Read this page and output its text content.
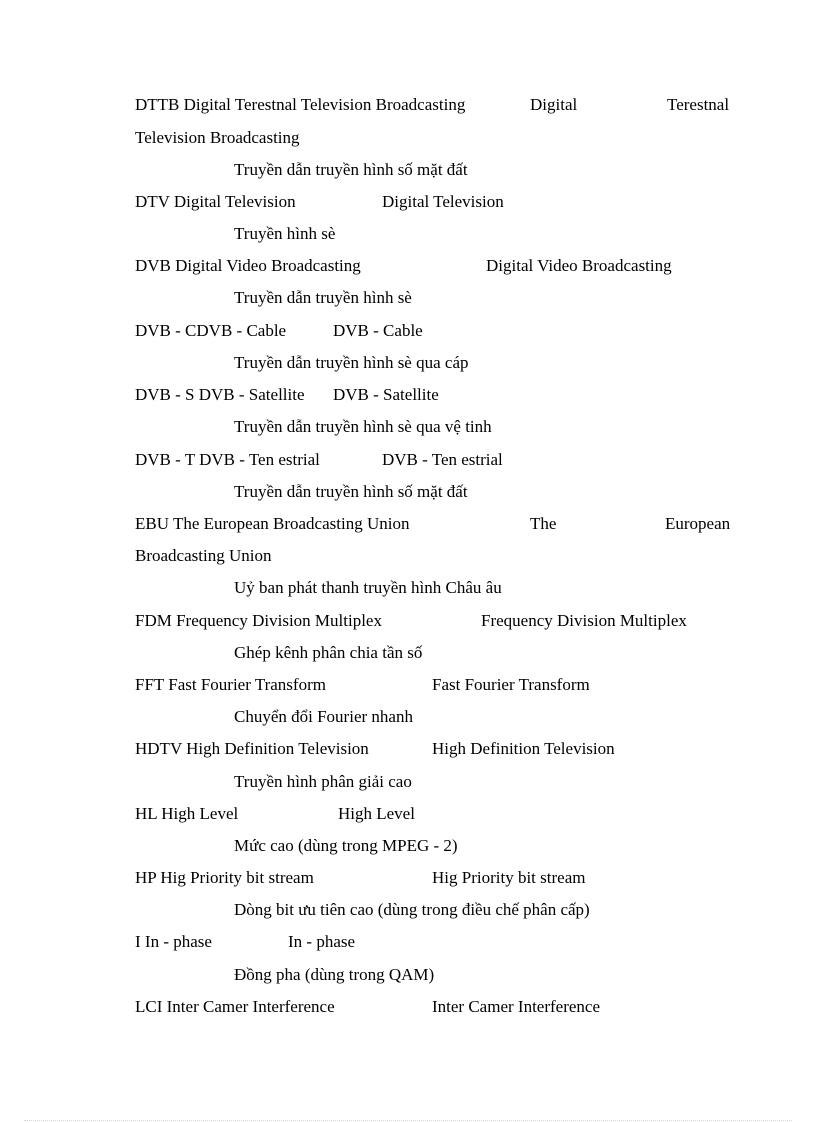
DTTB Digital Terestnal Television Broadcasting	Digital	Terestnal
Television Broadcasting
Truyền dẫn truyền hình số mặt đất
DTV Digital Television	Digital Television
Truyền hình sè
DVB Digital Video Broadcasting	Digital Video Broadcasting
Truyền dẫn truyền hình sè
DVB - CDVB - Cable	DVB - Cable
Truyền dẫn truyền hình sè qua cáp
DVB - S DVB - Satellite DVB - Satellite
Truyền dẫn truyền hình sè qua vệ tinh
DVB - T DVB - Ten estrial	DVB - Ten estrial
Truyền dẫn truyền hình số mặt đất
EBU The European Broadcasting Union	The	European
Broadcasting Union
Uỷ ban phát thanh truyền hình Châu âu
FDM Frequency Division Multiplex	Frequency Division Multiplex
Ghép kênh phân chia tần số
FFT Fast Fourier Transform	Fast Fourier Transform
Chuyển đổi Fourier nhanh
HDTV High Definition Television	High Definition Television
Truyền hình phân giải cao
HL High Level	High Level
Mức cao (dùng trong MPEG - 2)
HP Hig Priority bit stream	Hig Priority bit stream
Dòng bit ưu tiên cao (dùng trong điều chế phân cấp)
I In - phase	In - phase
Đồng pha (dùng trong QAM)
LCI Inter Camer Interference	Inter Camer Interference
